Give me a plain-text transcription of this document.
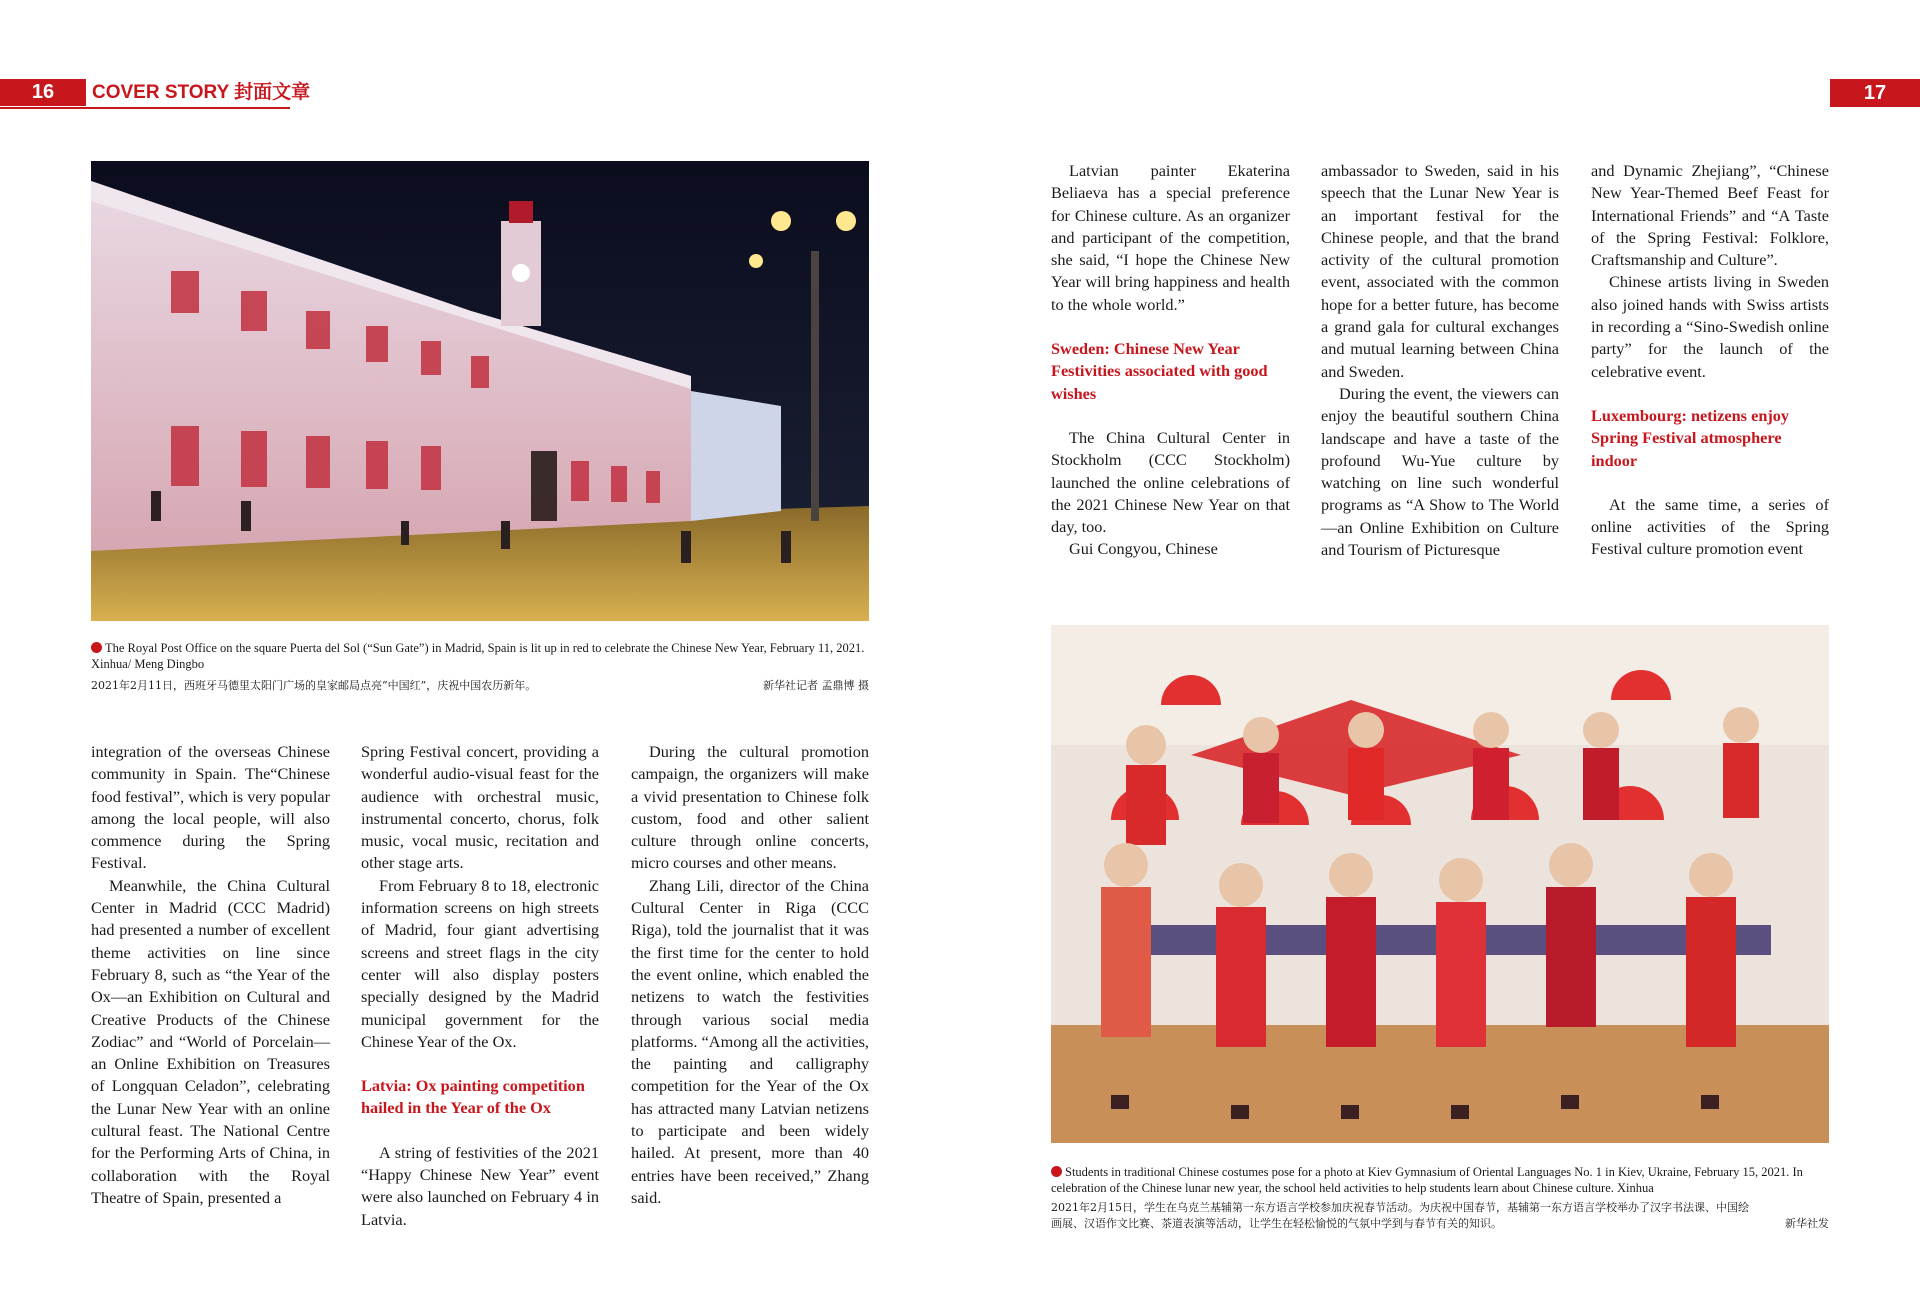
16	COVER STORY 封面文章	17
The Royal Post Office on the square Puerta del Sol (“Sun Gate”) in Madrid, Spain is lit up in red to celebrate the Chinese New Year, February 11, 2021. Xinhua/ Meng Dingbo
2021年2月11日，西班牙马德里太阳门广场的皇家邮局点亮“中国红”，庆祝中国农历新年。	新华社记者 孟鼎博 摄

integration of the overseas Chinese community in Spain. The“Chinese food festival”, which is very popular among the local people, will also commence during the Spring Festival.

Meanwhile, the China Cultural Center in Madrid (CCC Madrid) had presented a number of excellent theme activities on line since February 8, such as “the Year of the Ox—an Exhibition on Cultural and Creative Products of the Chinese Zodiac” and “World of Porcelain—an Online Exhibition on Treasures of Longquan Celadon”, celebrating the Lunar New Year with an online cultural feast. The National Centre for the Performing Arts of China, in collaboration with the Royal Theatre of Spain, presented a

Spring Festival concert, providing a wonderful audio-visual feast for the audience with orchestral music, instrumental concerto, chorus, folk music, vocal music, recitation and other stage arts.

From February 8 to 18, electronic information screens on high streets of Madrid, four giant advertising screens and street flags in the city center will also display posters specially designed by the Madrid municipal government for the Chinese Year of the Ox.

Latvia: Ox painting competition hailed in the Year of the Ox

A string of festivities of the 2021 “Happy Chinese New Year” event were also launched on February 4 in Latvia.

During the cultural promotion campaign, the organizers will make a vivid presentation to Chinese folk custom, food and other salient culture through online concerts, micro courses and other means.

Zhang Lili, director of the China Cultural Center in Riga (CCC Riga), told the journalist that it was the first time for the center to hold the event online, which enabled the netizens to watch the festivities through various social media platforms. “Among all the activities, the painting and calligraphy competition for the Year of the Ox has attracted many Latvian netizens to participate and been widely hailed. At present, more than 40 entries have been received,” Zhang said.

Latvian painter Ekaterina Beliaeva has a special preference for Chinese culture. As an organizer and participant of the competition, she said, “I hope the Chinese New Year will bring happiness and health to the whole world.”

Sweden: Chinese New Year Festivities associated with good wishes

The China Cultural Center in Stockholm (CCC Stockholm) launched the online celebrations of the 2021 Chinese New Year on that day, too.

Gui Congyou, Chinese

ambassador to Sweden, said in his speech that the Lunar New Year is an important festival for the Chinese people, and that the brand activity of the cultural promotion event, associated with the common hope for a better future, has become a grand gala for cultural exchanges and mutual learning between China and Sweden.

During the event, the viewers can enjoy the beautiful southern China landscape and have a taste of the profound Wu-Yue culture by watching on line such wonderful programs as “A Show to The World—an Online Exhibition on Culture and Tourism of Picturesque

and Dynamic Zhejiang”, “Chinese New Year-Themed Beef Feast for International Friends” and “A Taste of the Spring Festival: Folklore, Craftsmanship and Culture”.

Chinese artists living in Sweden also joined hands with Swiss artists in recording a “Sino-Swedish online party” for the launch of the celebrative event.

Luxembourg: netizens enjoy Spring Festival atmosphere indoor

At the same time, a series of online activities of the Spring Festival culture promotion event

Students in traditional Chinese costumes pose for a photo at Kiev Gymnasium of Oriental Languages No. 1 in Kiev, Ukraine, February 15, 2021. In celebration of the Chinese lunar new year, the school held activities to help students learn about Chinese culture. Xinhua
2021年2月15日，学生在乌克兰基辅第一东方语言学校参加庆祝春节活动。为庆祝中国春节，基辅第一东方语言学校举办了汉字书法课、中国绘画展、汉语作文比赛、茶道表演等活动，让学生在轻松愉悦的气氛中学到与春节有关的知识。	新华社发
